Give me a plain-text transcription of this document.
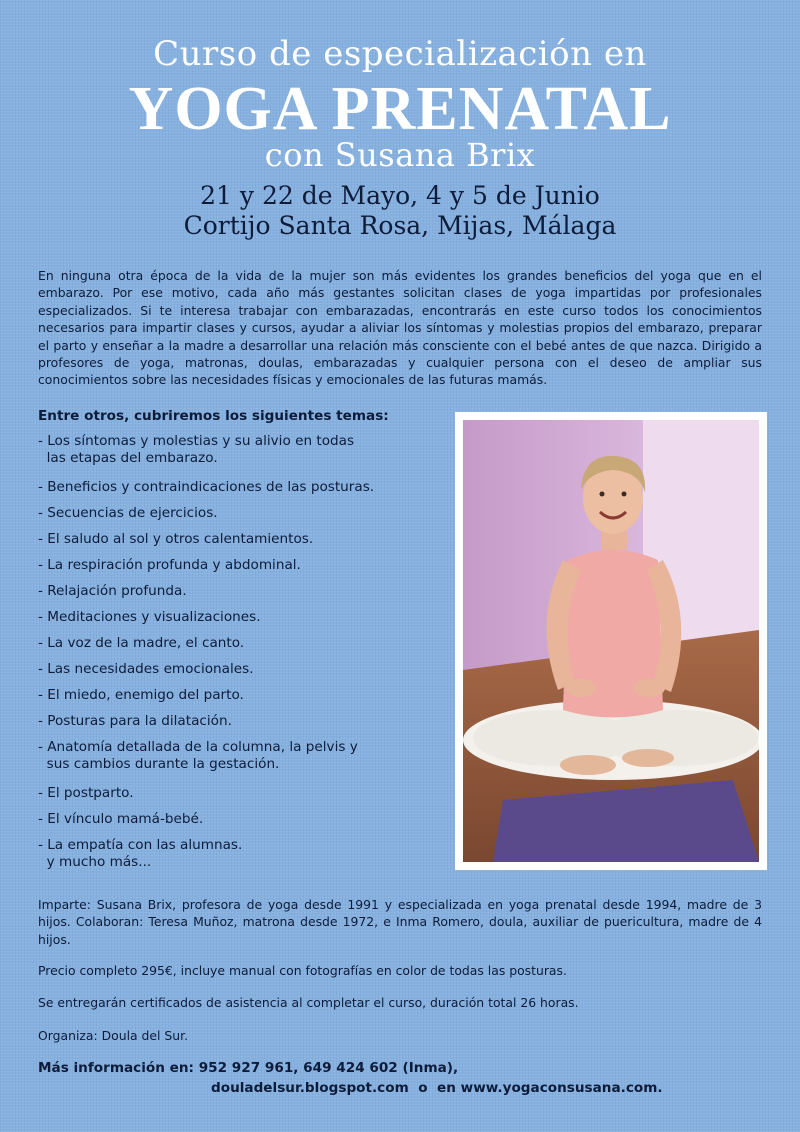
Curso de especialización en
YOGA PRENATAL
con Susana Brix
21 y 22 de Mayo, 4 y 5 de Junio
Cortijo Santa Rosa, Mijas, Málaga
En ninguna otra época de la vida de la mujer son más evidentes los grandes beneficios del yoga que en el embarazo. Por ese motivo, cada año más gestantes solicitan clases de yoga impartidas por profesionales especializados. Si te interesa trabajar con embarazadas, encontrarás en este curso todos los conocimientos necesarios para impartir clases y cursos, ayudar a aliviar los síntomas y molestias propios del embarazo, preparar el parto y enseñar a la madre a desarrollar una relación más consciente con el bebé antes de que nazca. Dirigido a profesores de yoga, matronas, doulas, embarazadas y cualquier persona con el deseo de ampliar sus conocimientos sobre las necesidades físicas y emocionales de las futuras mamás.
Entre otros, cubriremos los siguientes temas:
- Los síntomas y molestias y su alivio en todas
las etapas del embarazo.
- Beneficios y contraindicaciones de las posturas.
- Secuencias de ejercicios.
- El saludo al sol y otros calentamientos.
- La respiración profunda y abdominal.
- Relajación profunda.
- Meditaciones y visualizaciones.
- La voz de la madre, el canto.
- Las necesidades emocionales.
- El miedo, enemigo del parto.
- Posturas para la dilatación.
- Anatomía detallada de la columna, la pelvis y
sus cambios durante la gestación.
- El postparto.
- El vínculo mamá-bebé.
- La empatía con las alumnas.
y mucho más...
Imparte: Susana Brix, profesora de yoga desde 1991 y especializada en yoga prenatal desde 1994, madre de 3 hijos. Colaboran: Teresa Muñoz, matrona desde 1972, e Inma Romero, doula, auxiliar de puericultura, madre de 4 hijos.
Precio completo 295€, incluye manual con fotografías en color de todas las posturas.
Se entregarán certificados de asistencia al completar el curso, duración total 26 horas.
Organiza: Doula del Sur.
Más información en: 952 927 961, 649 424 602 (Inma),
douladelsur.blogspot.com  o  en www.yogaconsusana.com.
